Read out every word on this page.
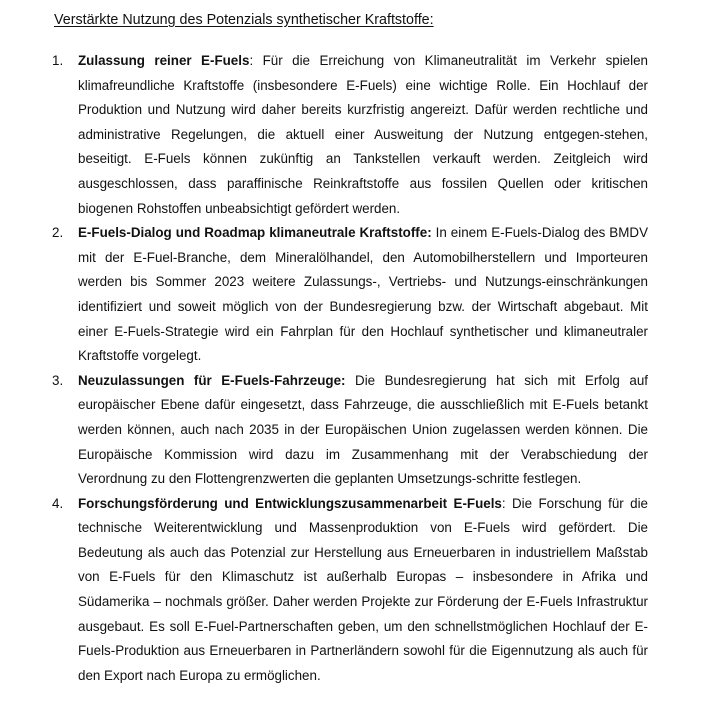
Verstärkte Nutzung des Potenzials synthetischer Kraftstoffe:
1. Zulassung reiner E-Fuels: Für die Erreichung von Klimaneutralität im Verkehr spielen klimafreundliche Kraftstoffe (insbesondere E-Fuels) eine wichtige Rolle. Ein Hochlauf der Produktion und Nutzung wird daher bereits kurzfristig angereizt. Dafür werden rechtliche und administrative Regelungen, die aktuell einer Ausweitung der Nutzung entgegen-stehen, beseitigt. E-Fuels können zukünftig an Tankstellen verkauft werden. Zeitgleich wird ausgeschlossen, dass paraffinische Reinkraftstoffe aus fossilen Quellen oder kritischen biogenen Rohstoffen unbeabsichtigt gefördert werden.
2. E-Fuels-Dialog und Roadmap klimaneutrale Kraftstoffe: In einem E-Fuels-Dialog des BMDV mit der E-Fuel-Branche, dem Mineralölhandel, den Automobilherstellern und Importeuren werden bis Sommer 2023 weitere Zulassungs-, Vertriebs- und Nutzungs-einschränkungen identifiziert und soweit möglich von der Bundesregierung bzw. der Wirtschaft abgebaut. Mit einer E-Fuels-Strategie wird ein Fahrplan für den Hochlauf synthetischer und klimaneutraler Kraftstoffe vorgelegt.
3. Neuzulassungen für E-Fuels-Fahrzeuge: Die Bundesregierung hat sich mit Erfolg auf europäischer Ebene dafür eingesetzt, dass Fahrzeuge, die ausschließlich mit E-Fuels betankt werden können, auch nach 2035 in der Europäischen Union zugelassen werden können. Die Europäische Kommission wird dazu im Zusammenhang mit der Verabschiedung der Verordnung zu den Flottengrenzwerten die geplanten Umsetzungs-schritte festlegen.
4. Forschungsförderung und Entwicklungszusammenarbeit E-Fuels: Die Forschung für die technische Weiterentwicklung und Massenproduktion von E-Fuels wird gefördert. Die Bedeutung als auch das Potenzial zur Herstellung aus Erneuerbaren in industriellem Maßstab von E-Fuels für den Klimaschutz ist außerhalb Europas – insbesondere in Afrika und Südamerika – nochmals größer. Daher werden Projekte zur Förderung der E-Fuels Infrastruktur ausgebaut. Es soll E-Fuel-Partnerschaften geben, um den schnellstmöglichen Hochlauf der E-Fuels-Produktion aus Erneuerbaren in Partnerländern sowohl für die Eigennutzung als auch für den Export nach Europa zu ermöglichen.
